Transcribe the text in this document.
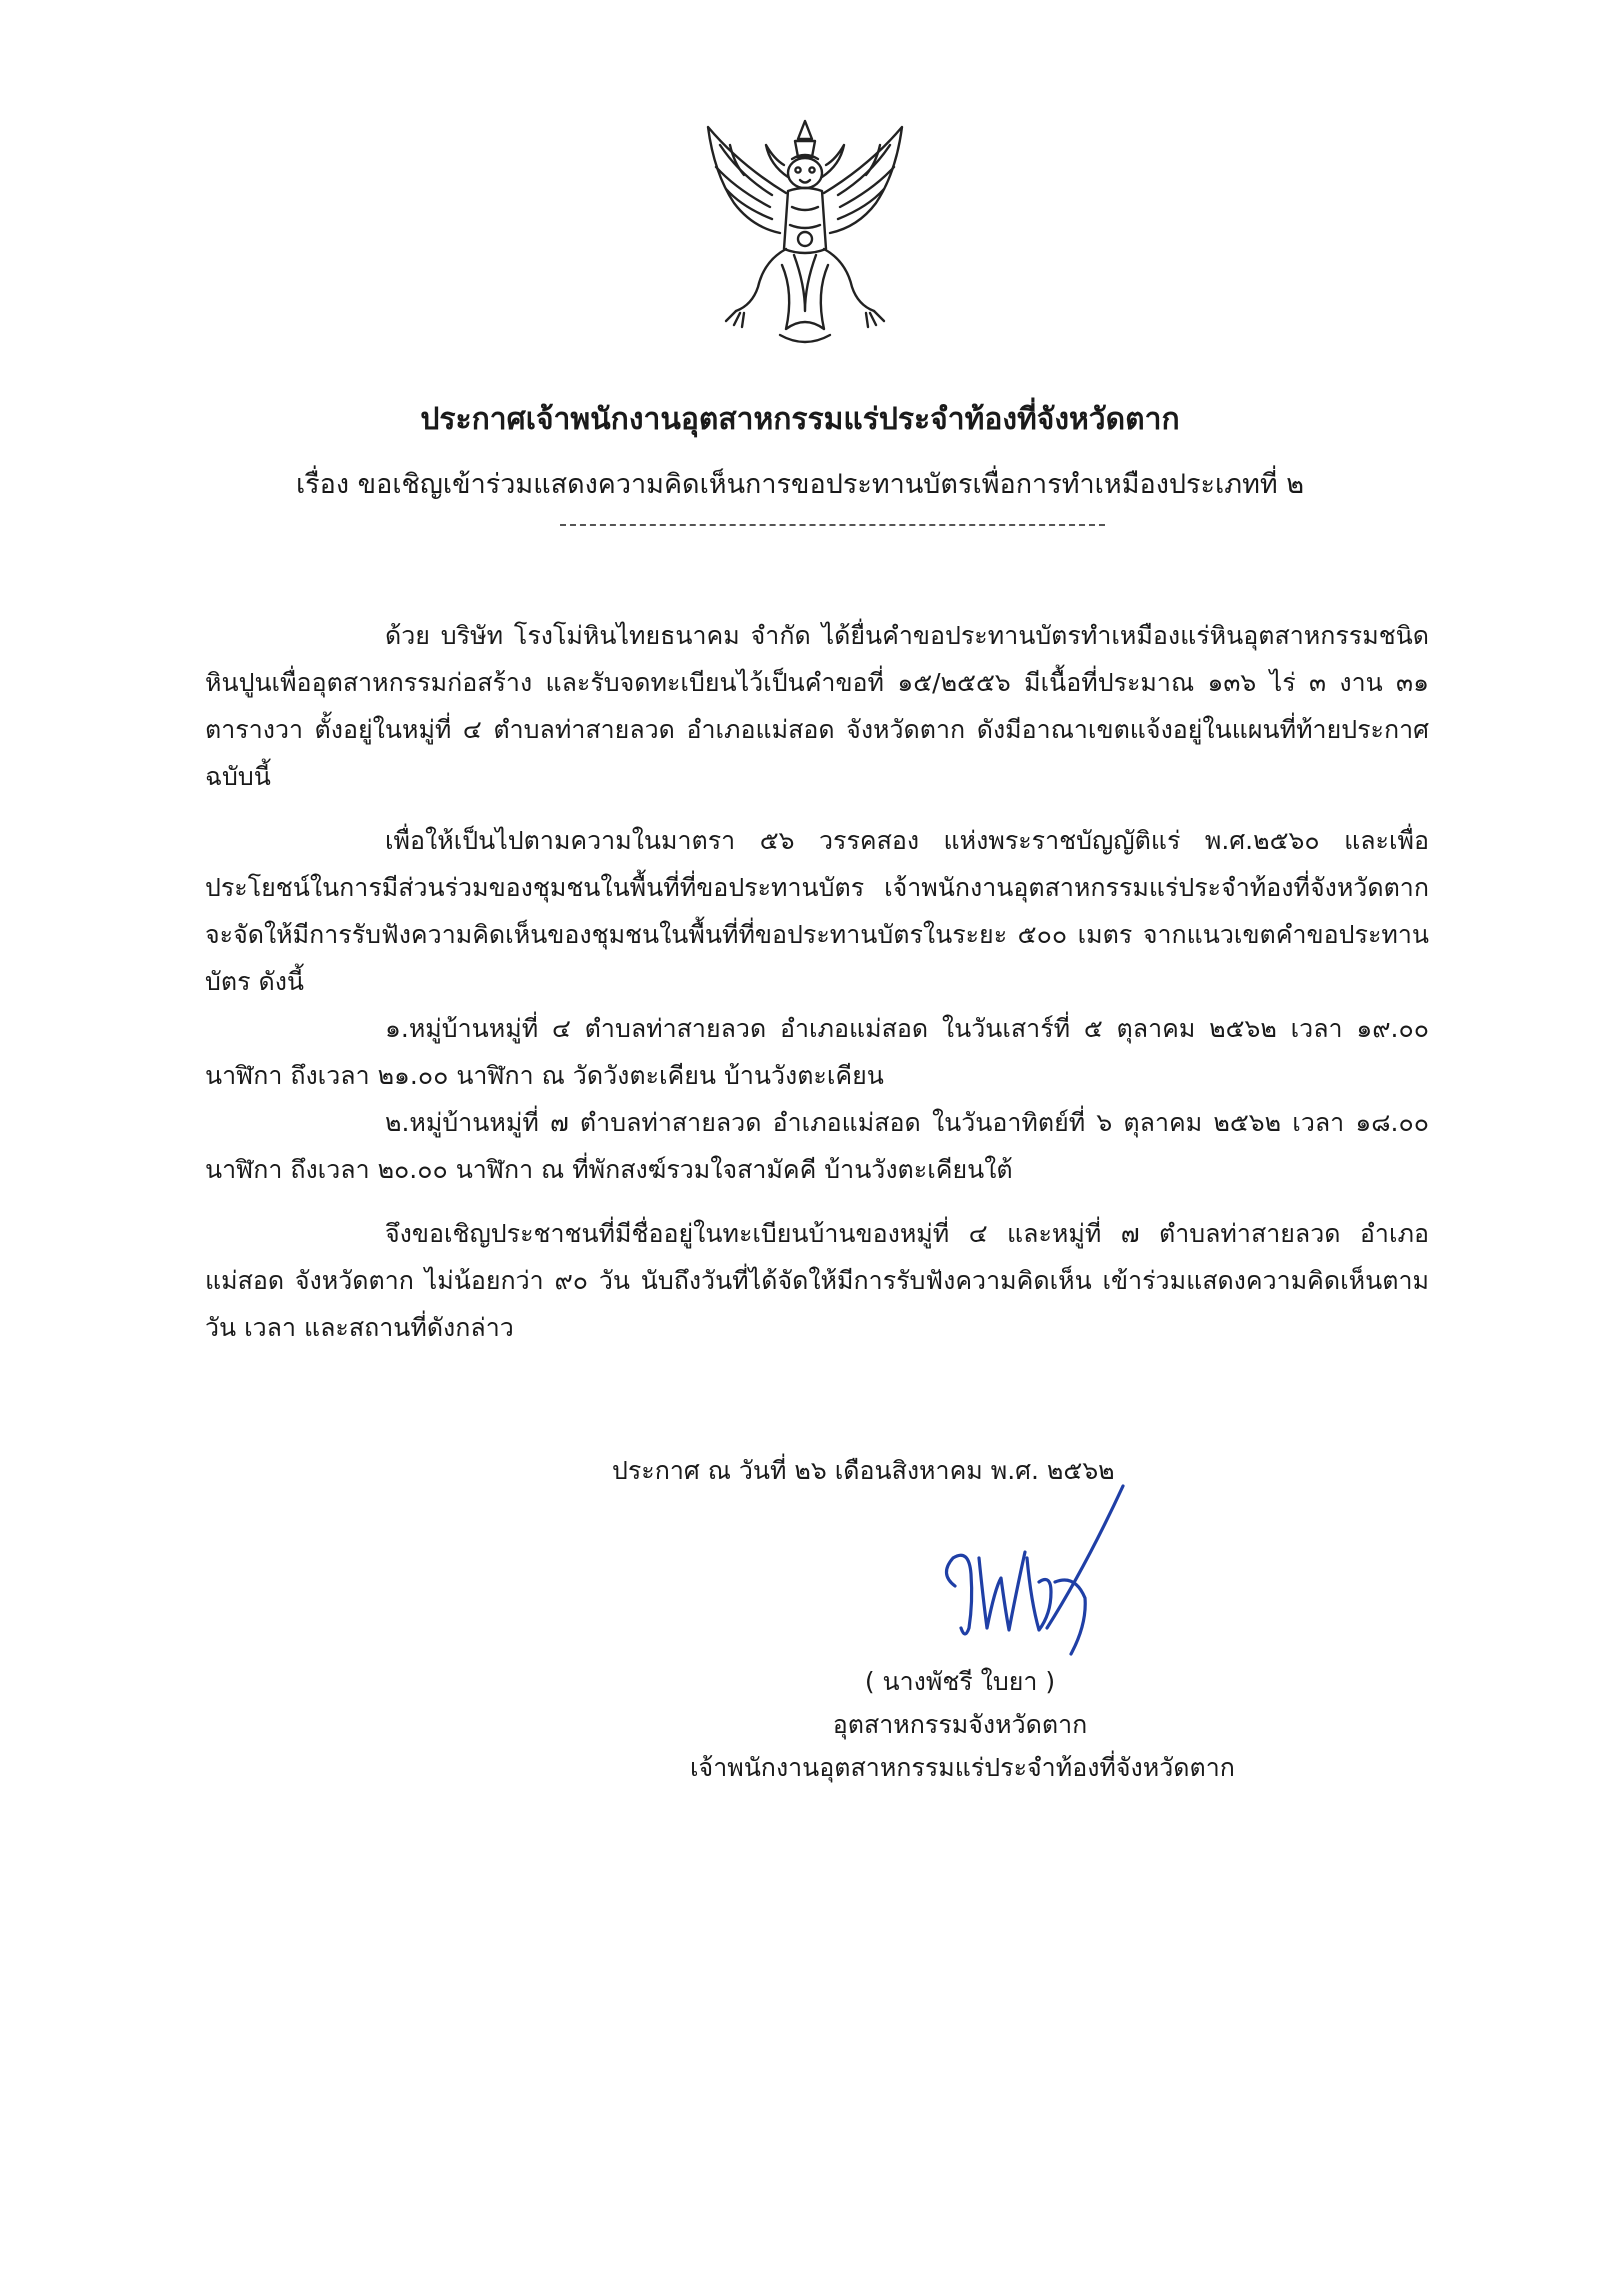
ประกาศเจ้าพนักงานอุตสาหกรรมแร่ประจำท้องที่จังหวัดตาก
เรื่อง ขอเชิญเข้าร่วมแสดงความคิดเห็นการขอประทานบัตรเพื่อการทำเหมืองประเภทที่ ๒

ด้วย บริษัท โรงโม่หินไทยธนาคม จำกัด ได้ยื่นคำขอประทานบัตรทำเหมืองแร่หินอุตสาหกรรมชนิดหินปูนเพื่ออุตสาหกรรมก่อสร้าง และรับจดทะเบียนไว้เป็นคำขอที่ ๑๕/๒๕๕๖ มีเนื้อที่ประมาณ ๑๓๖ ไร่ ๓ งาน ๓๑ ตารางวา ตั้งอยู่ในหมู่ที่ ๔ ตำบลท่าสายลวด อำเภอแม่สอด จังหวัดตาก ดังมีอาณาเขตแจ้งอยู่ในแผนที่ท้ายประกาศฉบับนี้

เพื่อให้เป็นไปตามความในมาตรา ๕๖ วรรคสอง แห่งพระราชบัญญัติแร่ พ.ศ.๒๕๖๐ และเพื่อประโยชน์ในการมีส่วนร่วมของชุมชนในพื้นที่ที่ขอประทานบัตร เจ้าพนักงานอุตสาหกรรมแร่ประจำท้องที่จังหวัดตากจะจัดให้มีการรับฟังความคิดเห็นของชุมชนในพื้นที่ที่ขอประทานบัตรในระยะ ๕๐๐ เมตร จากแนวเขตคำขอประทานบัตร ดังนี้

๑.หมู่บ้านหมู่ที่ ๔ ตำบลท่าสายลวด อำเภอแม่สอด ในวันเสาร์ที่ ๕ ตุลาคม ๒๕๖๒ เวลา ๑๙.๐๐ นาฬิกา ถึงเวลา ๒๑.๐๐ นาฬิกา ณ วัดวังตะเคียน บ้านวังตะเคียน

๒.หมู่บ้านหมู่ที่ ๗ ตำบลท่าสายลวด อำเภอแม่สอด ในวันอาทิตย์ที่ ๖ ตุลาคม ๒๕๖๒ เวลา ๑๘.๐๐ นาฬิกา ถึงเวลา ๒๐.๐๐ นาฬิกา ณ ที่พักสงฆ์รวมใจสามัคคี บ้านวังตะเคียนใต้

จึงขอเชิญประชาชนที่มีชื่ออยู่ในทะเบียนบ้านของหมู่ที่ ๔ และหมู่ที่ ๗ ตำบลท่าสายลวด อำเภอแม่สอด จังหวัดตาก ไม่น้อยกว่า ๙๐ วัน นับถึงวันที่ได้จัดให้มีการรับฟังความคิดเห็น เข้าร่วมแสดงความคิดเห็นตามวัน เวลา และสถานที่ดังกล่าว

ประกาศ ณ วันที่ ๒๖ เดือนสิงหาคม พ.ศ. ๒๕๖๒
( นางพัชรี ใบยา )
อุตสาหกรรมจังหวัดตาก
เจ้าพนักงานอุตสาหกรรมแร่ประจำท้องที่จังหวัดตาก
